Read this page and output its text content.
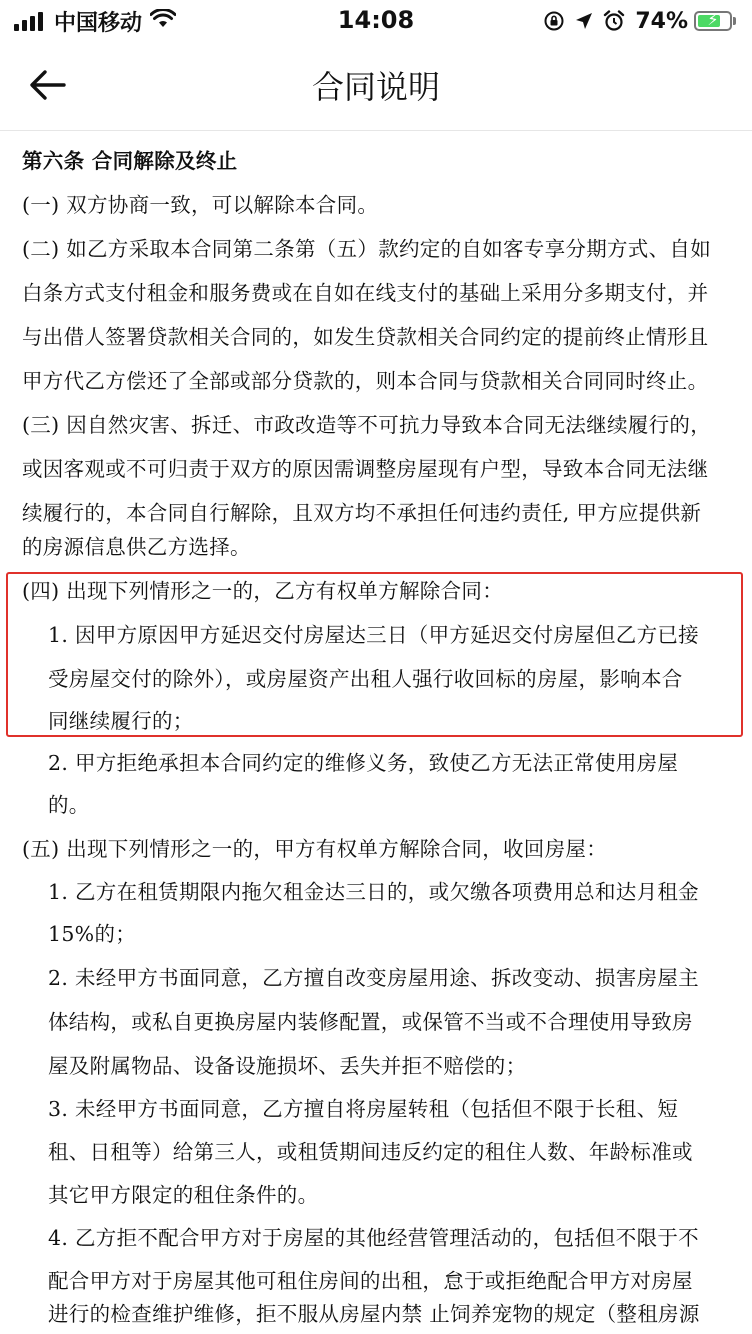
中国移动	14:08	74%	⚡
合同说明
第六条 合同解除及终止
(一) 双方协商一致，可以解除本合同。
(二) 如乙方采取本合同第二条第（五）款约定的自如客专享分期方式、自如
白条方式支付租金和服务费或在自如在线支付的基础上采用分多期支付，并
与出借人签署贷款相关合同的，如发生贷款相关合同约定的提前终止情形且
甲方代乙方偿还了全部或部分贷款的，则本合同与贷款相关合同同时终止。
(三) 因自然灾害、拆迁、市政改造等不可抗力导致本合同无法继续履行的，
或因客观或不可归责于双方的原因需调整房屋现有户型，导致本合同无法继
续履行的，本合同自行解除，且双方均不承担任何违约责任, 甲方应提供新
的房源信息供乙方选择。
(四) 出现下列情形之一的，乙方有权单方解除合同：
1. 因甲方原因甲方延迟交付房屋达三日（甲方延迟交付房屋但乙方已接
受房屋交付的除外），或房屋资产出租人强行收回标的房屋，影响本合
同继续履行的；
2. 甲方拒绝承担本合同约定的维修义务，致使乙方无法正常使用房屋
的。
(五) 出现下列情形之一的，甲方有权单方解除合同，收回房屋：
1. 乙方在租赁期限内拖欠租金达三日的，或欠缴各项费用总和达月租金
15%的；
2. 未经甲方书面同意，乙方擅自改变房屋用途、拆改变动、损害房屋主
体结构，或私自更换房屋内装修配置，或保管不当或不合理使用导致房
屋及附属物品、设备设施损坏、丢失并拒不赔偿的；
3. 未经甲方书面同意，乙方擅自将房屋转租（包括但不限于长租、短
租、日租等）给第三人，或租赁期间违反约定的租住人数、年龄标准或
其它甲方限定的租住条件的。
4. 乙方拒不配合甲方对于房屋的其他经营管理活动的，包括但不限于不
配合甲方对于房屋其他可租住房间的出租，怠于或拒绝配合甲方对房屋
进行的检查维护维修，拒不服从房屋内禁 止饲养宠物的规定（整租房源
